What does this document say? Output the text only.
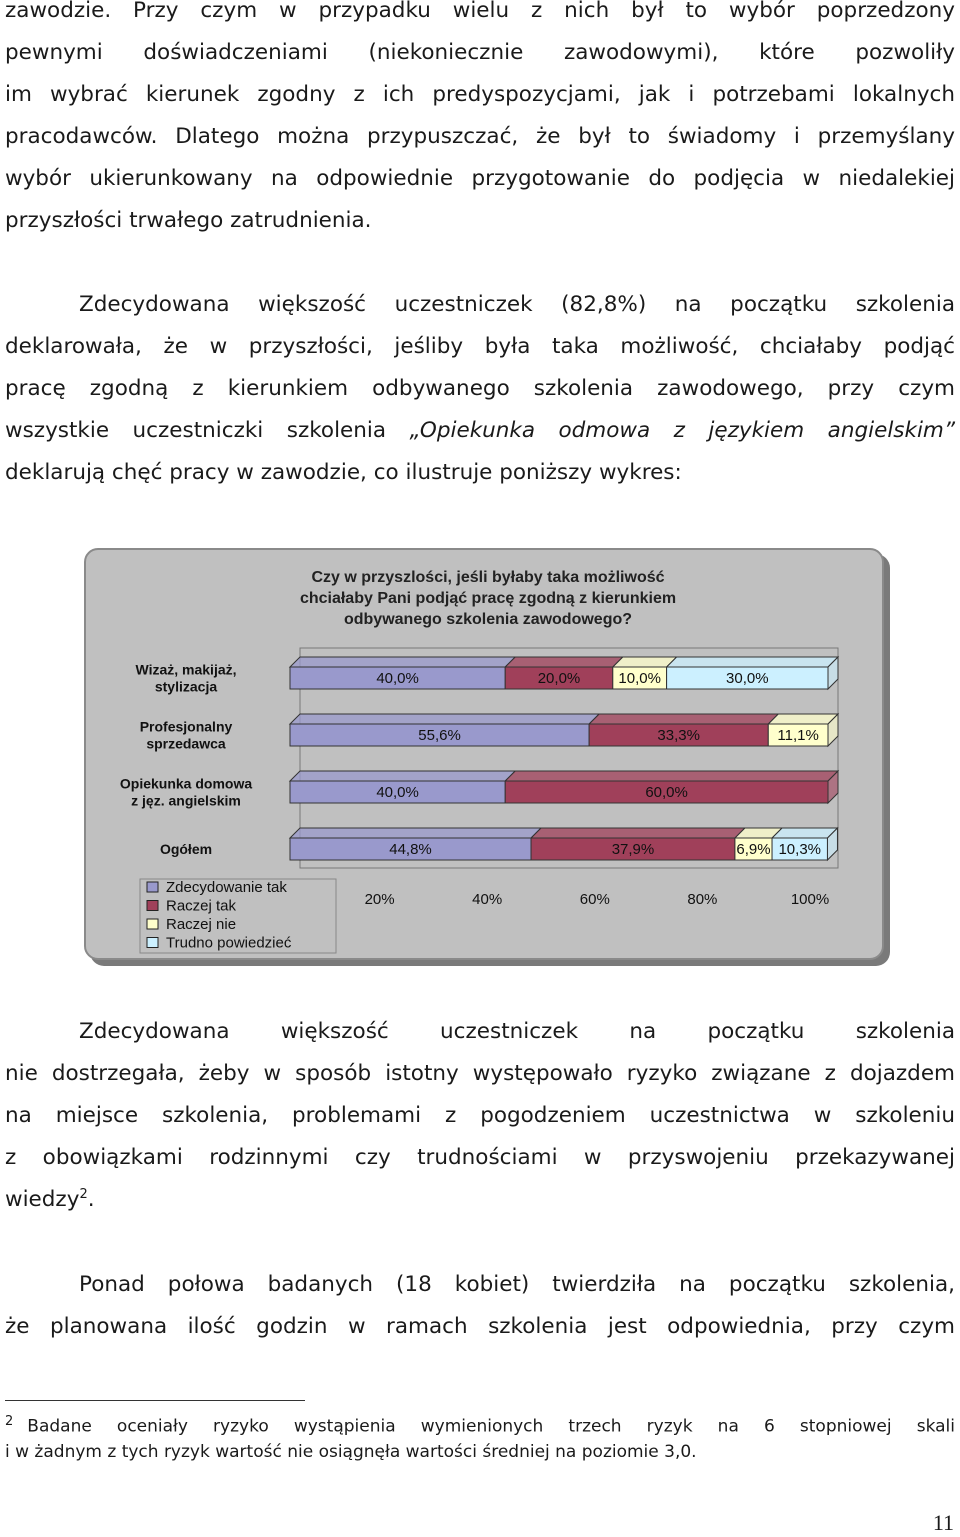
zawodzie. Przy czym w przypadku wielu z nich był to wybór poprzedzony
pewnymi doświadczeniami (niekoniecznie zawodowymi), które pozwoliły
im wybrać kierunek zgodny z ich predyspozycjami, jak i potrzebami lokalnych
pracodawców. Dlatego można przypuszczać, że był to świadomy i przemyślany
wybór ukierunkowany na odpowiednie przygotowanie do podjęcia w niedalekiej
przyszłości trwałego zatrudnienia.
Zdecydowana większość uczestniczek (82,8%) na początku szkolenia
deklarowała, że w przyszłości, jeśliby była taka możliwość, chciałaby podjąć
pracę zgodną z kierunkiem odbywanego szkolenia zawodowego, przy czym
wszystkie uczestniczki szkolenia „Opiekunka odmowa z językiem angielskim”
deklarują chęć pracy w zawodzie, co ilustruje poniższy wykres:
Czy w przyszlości, jeśli byłaby taka możliwość
chciałaby Pani podjąć pracę zgodną z kierunkiem
odbywanego szkolenia zawodowego?
Wizaż, makijaż,
stylizacja
Profesjonalny
sprzedawca
Opiekunka domowa
z jęz. angielskim
Ogółem
40,0%	20,0%	10,0%	30,0%
55,6%	33,3%	11,1%
40,0%	60,0%
44,8%	37,9%	6,9% 10,3%
20%	40%	60%	80%	100%
Zdecydowanie tak
Raczej tak
Raczej nie
Trudno powiedzieć
Zdecydowana większość uczestniczek na początku szkolenia
nie dostrzegała, żeby w sposób istotny występowało ryzyko związane z dojazdem
na miejsce szkolenia, problemami z pogodzeniem uczestnictwa w szkoleniu
z obowiązkami rodzinnymi czy trudnościami w przyswojeniu przekazywanej
wiedzy$^2$.
Ponad połowa badanych (18 kobiet) twierdziła na początku szkolenia,
że planowana ilość godzin w ramach szkolenia jest odpowiednia, przy czym
$^2$ Badane oceniały ryzyko wystąpienia wymienionych trzech ryzyk na 6 stopniowej skali
i w żadnym z tych ryzyk wartość nie osiągnęła wartości średniej na poziomie 3,0.
11
